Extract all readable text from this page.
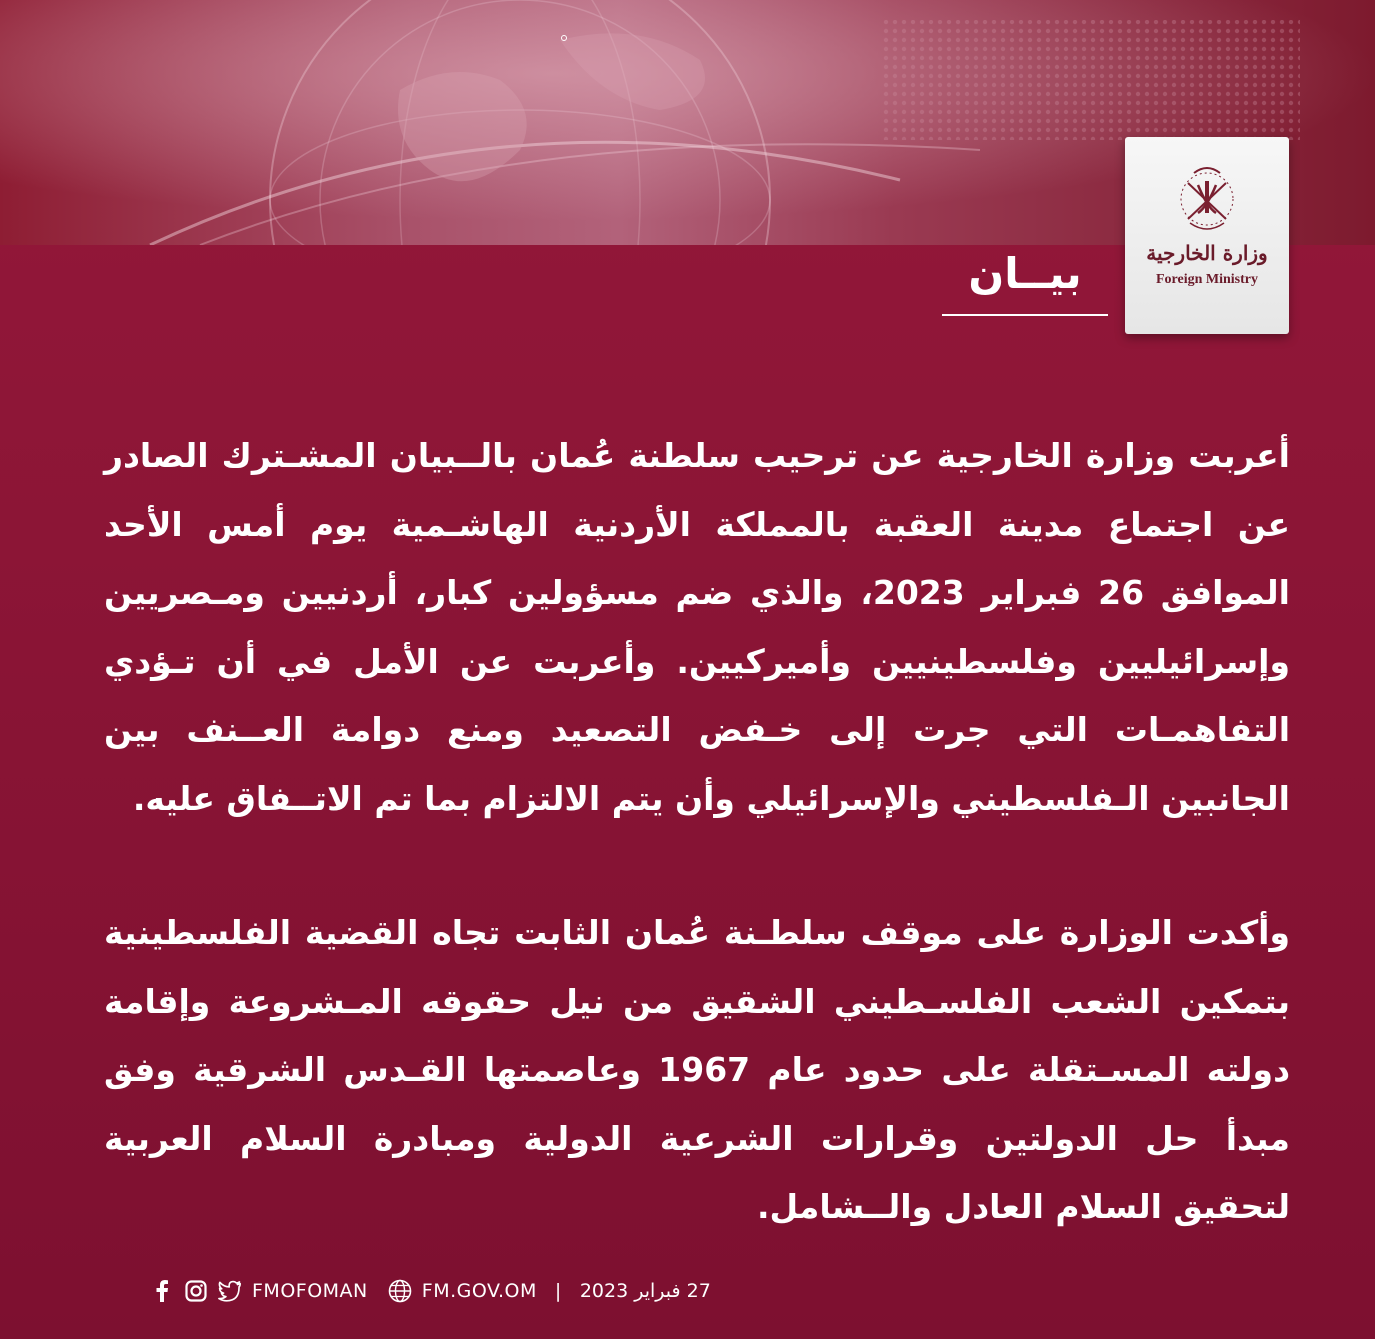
وزارة الخارجية
Foreign Ministry
بيــان

أعربت وزارة الخارجية عن ترحيب سلطنة عُمان بالــبيان المشـترك الصادر عن اجتماع مدينة العقبة بالمملكة الأردنية الهاشـمية يوم أمس الأحد الموافق 26 فبراير 2023، والذي ضم مسؤولين كبار، أردنيين ومـصريين وإسرائيليين وفلسطينيين وأميركيين. وأعربت عن الأمل في أن تـؤدي التفاهمـات التي جرت إلى خـفض التصعيد ومنع دوامة العــنف بين الجانبين الـفلسطيني والإسرائيلي وأن يتم الالتزام بما تم الاتــفاق عليه.

وأكدت الوزارة على موقف سلطـنة عُمان الثابت تجاه القضية الفلسطينية بتمكين الشعب الفلسـطيني الشقيق من نيل حقوقه المـشروعة وإقامة دولته المسـتقلة على حدود عام 1967 وعاصمتها القـدس الشرقية وفق مبدأ حل الدولتين وقرارات الشرعية الدولية ومبادرة السلام العربية لتحقيق السلام العادل والــشامل.

FMOFOMAN	FM.GOV.OM | 27 فبراير 2023
